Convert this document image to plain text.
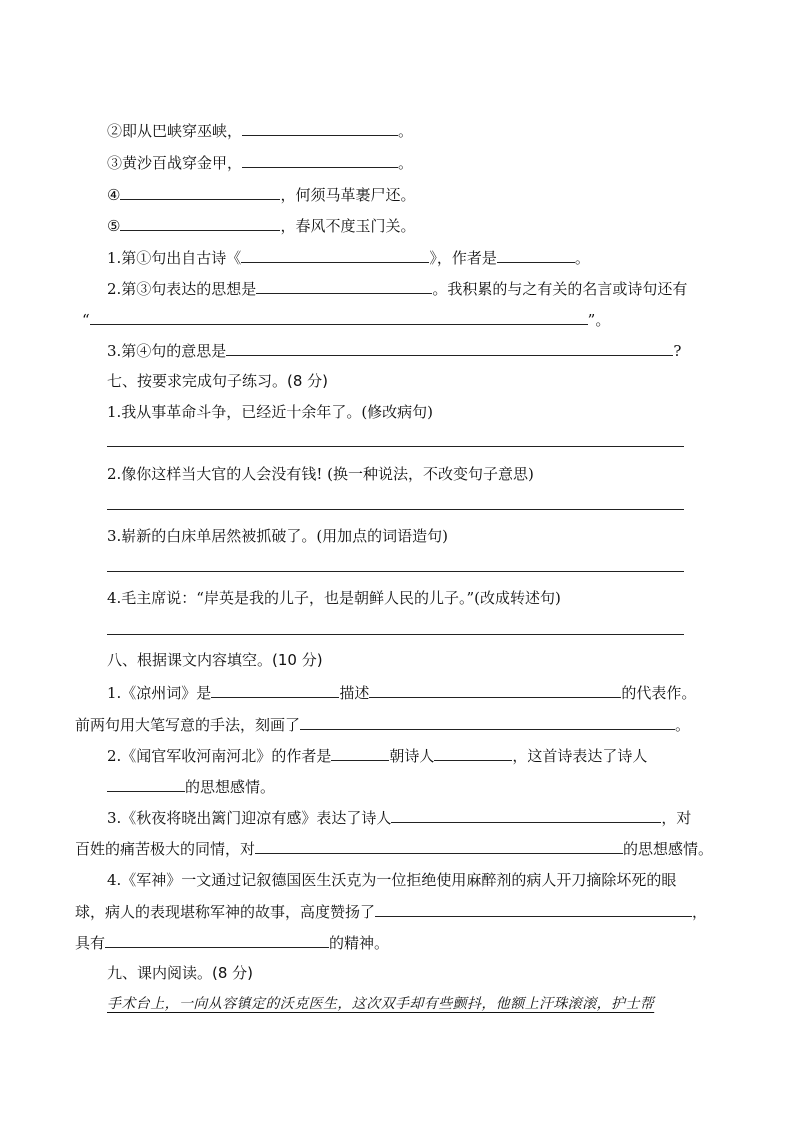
②即从巴峡穿巫峡，	。
③黄沙百战穿金甲，	。
④	，何须马革裹尸还。
⑤	，春风不度玉门关。
1.第①句出自古诗《	》，作者是	。
2.第③句表达的思想是	。我积累的与之有关的名言或诗句还有
“	”。
3.第④句的意思是	?
七、按要求完成句子练习。(8 分)
1.我从事革命斗争，已经近十余年了。(修改病句)
2.像你这样当大官的人会没有钱! (换一种说法，不改变句子意思)
3.崭新的白床单居然被抓破了。(用加点的词语造句)
4.毛主席说：“岸英是我的儿子，也是朝鲜人民的儿子。”(改成转述句)
八、根据课文内容填空。(10 分)
1.《凉州词》是	描述	的代表作。
前两句用大笔写意的手法，刻画了	。
2.《闻官军收河南河北》的作者是	朝诗人	，这首诗表达了诗人
的思想感情。
3.《秋夜将晓出篱门迎凉有感》表达了诗人	，对
百姓的痛苦极大的同情，对	的思想感情。
4.《军神》一文通过记叙德国医生沃克为一位拒绝使用麻醉剂的病人开刀摘除坏死的眼
球，病人的表现堪称军神的故事，高度赞扬了	，
具有	的精神。
九、课内阅读。(8 分)
手术台上，一向从容镇定的沃克医生，这次双手却有些颤抖，他额上汗珠滚滚，护士帮
